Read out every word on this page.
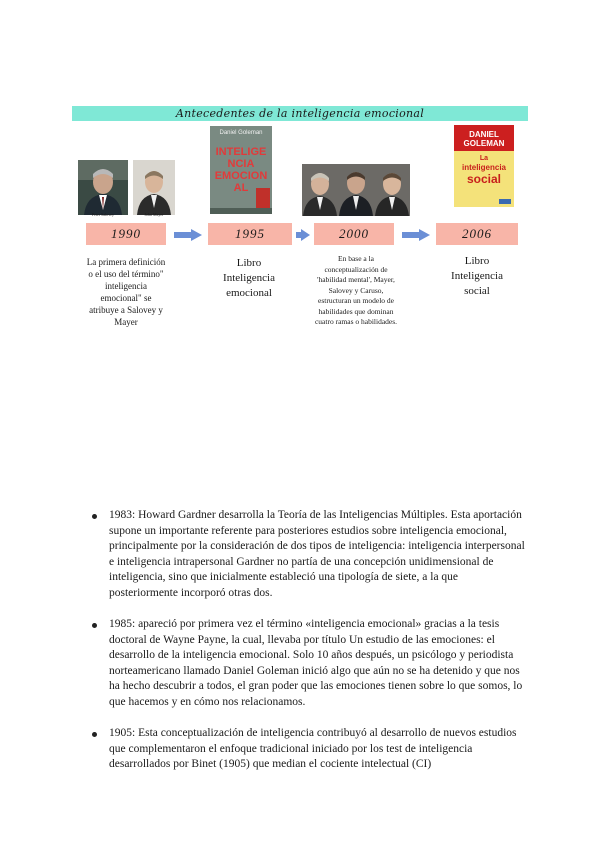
Antecedentes de la inteligencia emocional
Peter Salovey	John Mayer
Daniel Goleman
INTELIGENCIA EMOCIONAL
DANIEL GOLEMAN
La
inteligencia
social
1990	1995	2000	2006
La primera definición o el uso del término" inteligencia emocional" se atribuye a Salovey y Mayer
Libro Inteligencia emocional
En base a la conceptualización de 'habilidad mental', Mayer, Salovey y Caruso, estructuran un modelo de habilidades que dominan cuatro ramas o habilidades.
Libro Inteligencia social
1983: Howard Gardner desarrolla la Teoría de las Inteligencias Múltiples. Esta aportación supone un importante referente para posteriores estudios sobre inteligencia emocional, principalmente por la consideración de dos tipos de inteligencia: inteligencia interpersonal e inteligencia intrapersonal Gardner no partía de una concepción unidimensional de inteligencia, sino que inicialmente estableció una tipología de siete, a la que posteriormente incorporó otras dos.
1985: apareció por primera vez el término «inteligencia emocional» gracias a la tesis doctoral de Wayne Payne, la cual, llevaba por título Un estudio de las emociones: el desarrollo de la inteligencia emocional. Solo 10 años después, un psicólogo y periodista norteamericano llamado Daniel Goleman inició algo que aún no se ha detenido y que nos ha hecho descubrir a todos, el gran poder que las emociones tienen sobre lo que somos, lo que hacemos y en cómo nos relacionamos.
1905: Esta conceptualización de inteligencia contribuyó al desarrollo de nuevos estudios que complementaron el enfoque tradicional iniciado por los test de inteligencia desarrollados por Binet (1905) que median el cociente intelectual (CI)
